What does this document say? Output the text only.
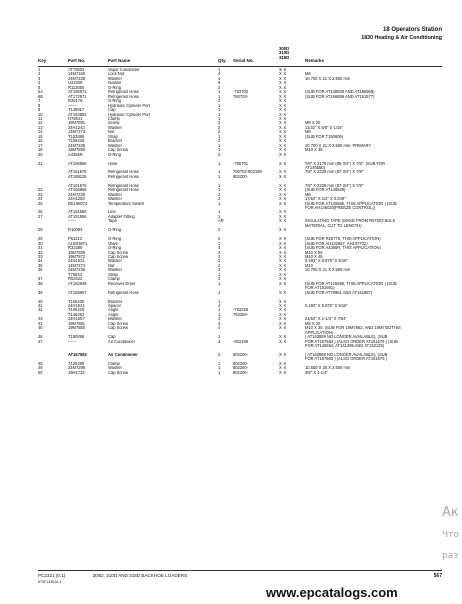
18 Operators Station
1830 Heating & Air Conditioning
Key	Part No.	Part Name	Qty. Serial No.
300D
310D
315D
Remarks
1	AT78603	Vapor Condenser	1		X X	
2	14M7166	Lock Nut	4		X X	M8
3	24M7239	Washer	4		X X	10.700 X 21 X 2.500 mm
4	U42208	Isolator	6		X X	
5	R113050	O-Ring	2		X X	
6A	AT165971	Refrigerant Hose	1	-793702	X X	(SUB FOR AT148539 AND AT156969)
6B	AT172571	Refrigerant Hose	1	793703-	X X	(SUB FOR AT156859 AND AT161577)
7	R26176	O-Ring	2		X X	
8	------	Hydraulic Cylinder Port	1		X X	
9	T148917	Cap	1		X X	
10	AT164892	Hydraulic Cylinder Port	1		X X	
11	H75541	Clamp	1		X X	
12	19M7881	Screw	2		X X	M8 X 20
13	24H1243	Washer	2		X X	11/32" X 5/8" X 1/16"
14	14M7273	Nut	2		X X	M8
15	T152886	Strap	1		X X	(SUB FOR T150605)
16	T106425	Bracket	2		X X	
17	24M7239	Washer	1		X X	10.700 X 21 X 2.500 mm, PRIMARY
18	19M7890	Cap Screw	1		X X	M10 X 35
20	A4365R	O-Ring	2		X X	

21	AT156966	Hose	1	-790701	X X	7/8" X 2175 mm (85-3/4") X 7/8", (SUB FOR
						AT146550)
	AT161576	Refrigerant Hose	1	790702-802199	X X	7/8" X 2229 mm (87-3/4") X 7/8"
	AT188125	Refrigerant Hose	1	802200-	X X	

	AT161576	Refrigerant Hose	1		X X	7/8" X 2229 mm (87-3/4") X 7/8"
22	AT156965	Refrigerant Hose	1		X X	(SUB FOR AT146549)
23	24M7229	Washer	2		X X	M6
24	24H1283	Washer	2		X X	17/64" X 1/2" X 0.049"
25	RE198074	Temperature Switch	1		X X	(SUB FOR AT145596, THIS APPLICATION ) (SUB
						FOR AH146020[FREEZE CONTROL])
26	AT151555	Line	1		X X	
27	AT151556	Adapter Fitting	1		X X	
	------	Tape	AR		X X	INSULATING TAPE (MAKE FROM R57003 BULK
						MATERIAL, CUT TO LENGTH)
28	R10093	O-Ring	2		X X	

29	P61212	O-Ring	2		X X	(SUB FOR R26776, THIS APPLICATION)
30	AH203871	Valve	1		X X	(SUB FOR AH132867, AH137702)
31	R33289	O-Ring	4		X X	(SUB FOR A4365R, THIS APPLICATION)
32	19M7935	Cap Screw	2		X X	M10 X 55
33	19M7572	Cap Screw	2		X X	M10 X 45
34	24H1521	Washer	2		X X	0.493" X 0.875" X 9/16"
35	14M7274	Nut	2		X X	M10
36	24M7239	Washer	2		X X	10.700 X 21 X 2.500 mm
	T76844	Strap	1		X X	
37	R53422	Clamp	2		X X	
38	AT162848	Receiver-Dryer	1		X X	(SUB FOR AT125596, THIS APPLICATION ) (SUB
						FOR AT161981)
39	AT156967	Refrigerant Hose	1		X X	(SUB FOR AT79961 AND AT151987)

40	T106430	Bracket	1		X X	
41	24H1521	Spacer	4		X X	0.493" X 0.875" X 9/16"
42	T106429	Angle	1	-793268	X X	
	T146262	Angle	1	793269-	X X	
43	24H1557	Washer	4		X X	21/64" X 1-1/4" X 7/64"
44	19M7881	Cap Screw	4		X X	M8 X 20
45	19M7550	Cap Screw	4		X X	M10 X 35, (SUB FOR 19M7662, AND 19M7402THIS
						APPLICATION)
46	T150899	Cap	1		X X	( AT163889 NO LONGER AVAILABLE), (SUB
47	------	Air Conditioner	2	-802199	X X	FOR AT167583 ) (ALSO ORDER AT161576 ) (SUB
						FOR AT146554, AT141395 AND AT152125)

	AT167583	Air Conditioner	2	802200-	X X	( AT163889 NO LONGER AVAILABLE), (SUB
						FOR AT167583 ) (ALSO ORDER AT161576 )
48	T126299	Clamp	1	802200-	X X	
49	24M7296	Washer	1	802200-	X X	10.500 X 30 X 2.500 mm
50	19H1732	Cap Screw	1	802200-	X X	3/8" X 1-1/4"
PC2321 (0.1)	300D, 310D AND 315D BACKHOE LOADERS
973F1430JA-1
567
Ак
Что
раз
www.epcatalogs.com
